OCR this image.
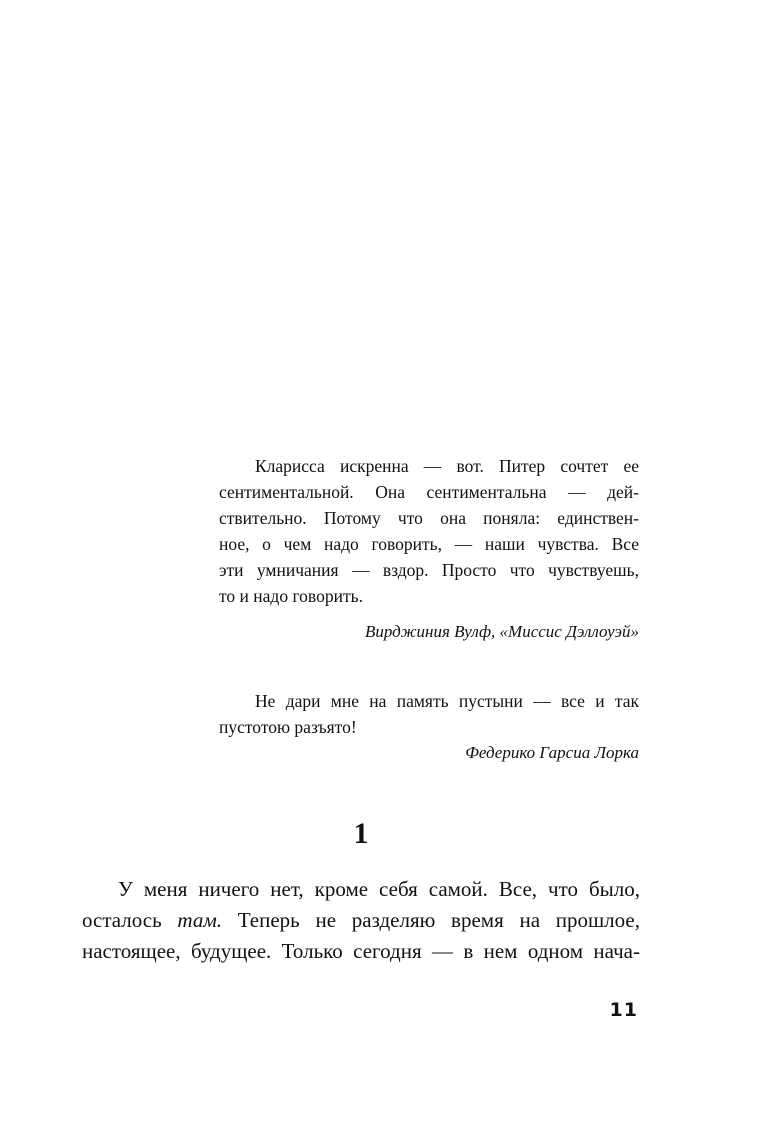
Кларисса искренна — вот. Питер сочтет ее
сентиментальной. Она сентиментальна — дей-
ствительно. Потому что она поняла: единствен-
ное, о чем надо говорить, — наши чувства. Все
эти умничания — вздор. Просто что чувствуешь,
то и надо говорить.

Вирджиния Вулф, «Миссис Дэллоуэй»

Не дари мне на память пустыни — все и так
пустотою разъято!

Федерико Гарсиа Лорка
1
У меня ничего нет, кроме себя самой. Все, что было,
осталось там. Теперь не разделяю время на прошлое,
настоящее, будущее. Только сегодня — в нем одном нача-
11
